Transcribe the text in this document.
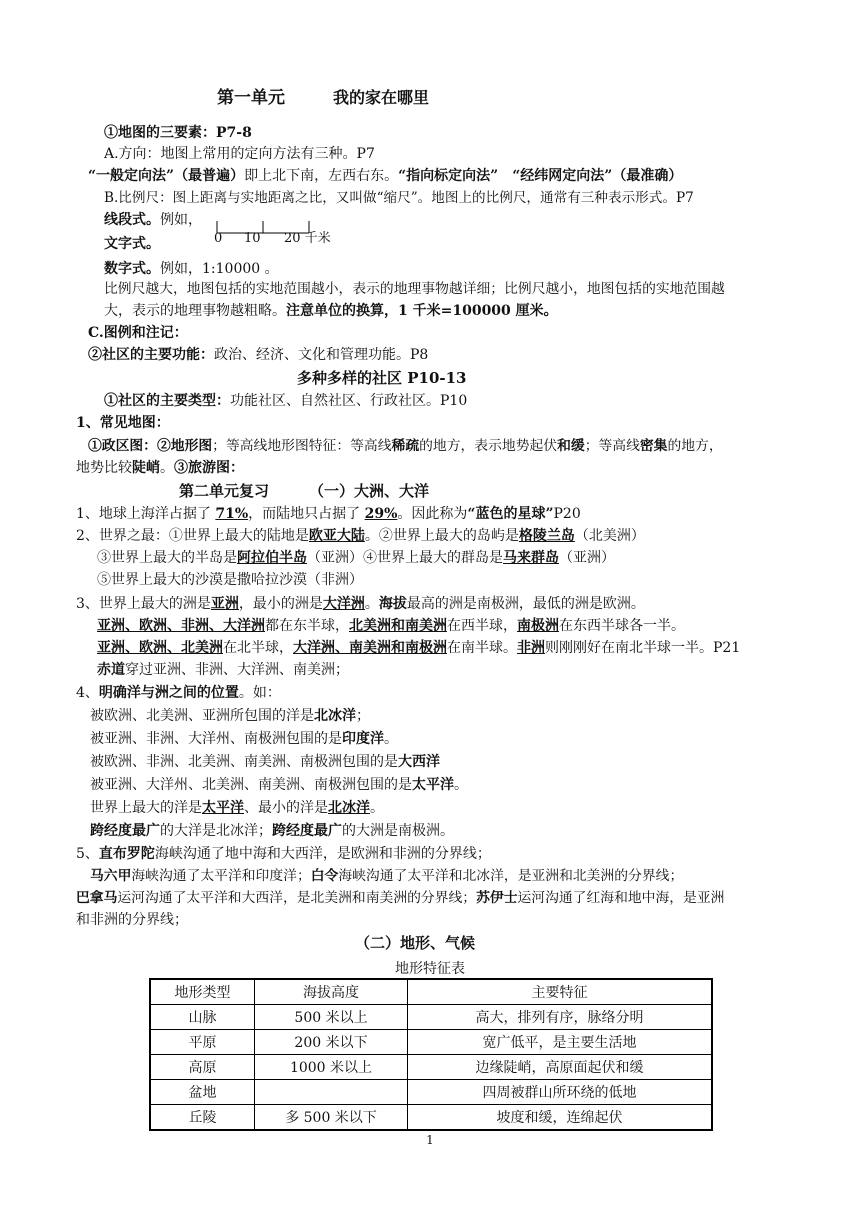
第一单元	我的家在哪里
①地图的三要素：P7-8
A.方向：地图上常用的定向方法有三种。P7
“一般定向法”（最普遍）即上北下南，左西右东。“指向标定向法” “经纬网定向法”（最准确）
B.比例尺：图上距离与实地距离之比，又叫做“缩尺”。地图上的比例尺，通常有三种表示形式。P7
线段式。例如，
0 10 20 千米
文字式。
数字式。例如，1:10000 。
比例尺越大，地图包括的实地范围越小，表示的地理事物越详细；比例尺越小，地图包括的实地范围越
大，表示的地理事物越粗略。注意单位的换算，1 千米=100000 厘米。
C.图例和注记：
②社区的主要功能：政治、经济、文化和管理功能。P8
多种多样的社区 P10-13
①社区的主要类型：功能社区、自然社区、行政社区。P10
1、常见地图：
①政区图：②地形图；等高线地形图特征：等高线稀疏的地方，表示地势起伏和缓；等高线密集的地方，
地势比较陡峭。③旅游图：
第二单元复习	（一）大洲、大洋
1、地球上海洋占据了 71%，而陆地只占据了 29%。因此称为“蓝色的星球”P20
2、世界之最：①世界上最大的陆地是欧亚大陆。②世界上最大的岛屿是格陵兰岛（北美洲）
③世界上最大的半岛是阿拉伯半岛（亚洲）④世界上最大的群岛是马来群岛（亚洲）
⑤世界上最大的沙漠是撒哈拉沙漠（非洲）
3、世界上最大的洲是亚洲，最小的洲是大洋洲。海拔最高的洲是南极洲，最低的洲是欧洲。
亚洲、欧洲、非洲、大洋洲都在东半球，北美洲和南美洲在西半球，南极洲在东西半球各一半。
亚洲、欧洲、北美洲在北半球，大洋洲、南美洲和南极洲在南半球。非洲则刚刚好在南北半球一半。P21
赤道穿过亚洲、非洲、大洋洲、南美洲；
4、明确洋与洲之间的位置。如：
被欧洲、北美洲、亚洲所包围的洋是北冰洋；
被亚洲、非洲、大洋州、南极洲包围的是印度洋。
被欧洲、非洲、北美洲、南美洲、南极洲包围的是大西洋
被亚洲、大洋州、北美洲、南美洲、南极洲包围的是太平洋。
世界上最大的洋是太平洋、最小的洋是北冰洋。
跨经度最广的大洋是北冰洋；跨经度最广的大洲是南极洲。
5、直布罗陀海峡沟通了地中海和大西洋，是欧洲和非洲的分界线；
马六甲海峡沟通了太平洋和印度洋；白令海峡沟通了太平洋和北冰洋，是亚洲和北美洲的分界线；
巴拿马运河沟通了太平洋和大西洋，是北美洲和南美洲的分界线；苏伊士运河沟通了红海和地中海，是亚洲
和非洲的分界线；
（二）地形、气候
地形特征表
地形类型	海拔高度	主要特征
山脉	500 米以上	高大，排列有序，脉络分明
平原	200 米以下	宽广低平，是主要生活地
高原	1000 米以上	边缘陡峭，高原面起伏和缓
盆地		四周被群山所环绕的低地
丘陵	多 500 米以下	坡度和缓，连绵起伏
1
